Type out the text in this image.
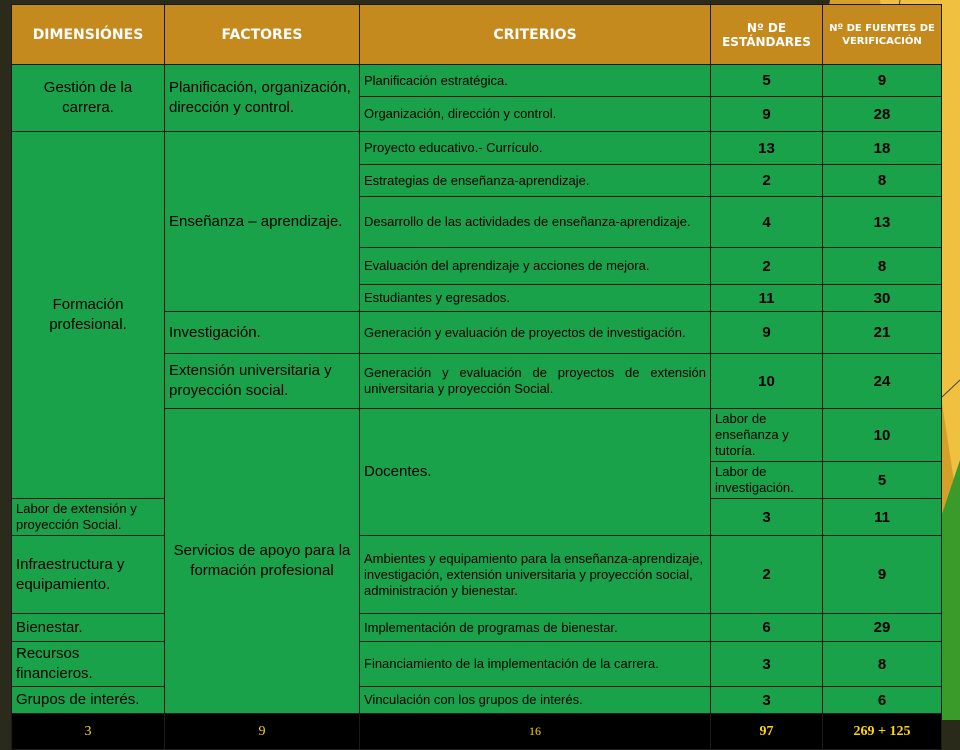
DIMENSIÓNES	FACTORES	CRITERIOS	Nº DE ESTÁNDARES	Nº DE FUENTES DE VERIFICACIÓN	
Gestión de la carrera.	Planificación, organización, dirección y control.	Planificación estratégica.	5	9	
		Organización, dirección y control.	9	28	
Formación profesional.	Enseñanza – aprendizaje.	Proyecto educativo.- Currículo.	13	18	
		Estrategias de enseñanza-aprendizaje.	2	8	
		Desarrollo de las actividades de enseñanza-aprendizaje.	4	13	
		Evaluación del aprendizaje y acciones de mejora.	2	8	
		Estudiantes y egresados.	11	30	
	Investigación.	Generación y evaluación de proyectos de investigación.	9	21	
	Extensión universitaria y proyección social.	Generación y evaluación de proyectos de extensión universitaria y proyección Social.	10	24	
	Servicios de apoyo para la formación profesional	Docentes.	Labor de enseñanza y tutoría.	10	
			Labor de investigación.	5	
Labor de extensión y proyección Social.			3	11	
Infraestructura y equipamiento.		Ambientes y equipamiento para la enseñanza-aprendizaje, investigación, extensión universitaria y proyección social, administración y bienestar.	2	9	
Bienestar.		Implementación de programas de bienestar.	6	29	
Recursos financieros.		Financiamiento de la implementación de la carrera.	3	8	
Grupos de interés.		Vinculación con los grupos de interés.	3	6	
3	9	16	97	269 + 125	
